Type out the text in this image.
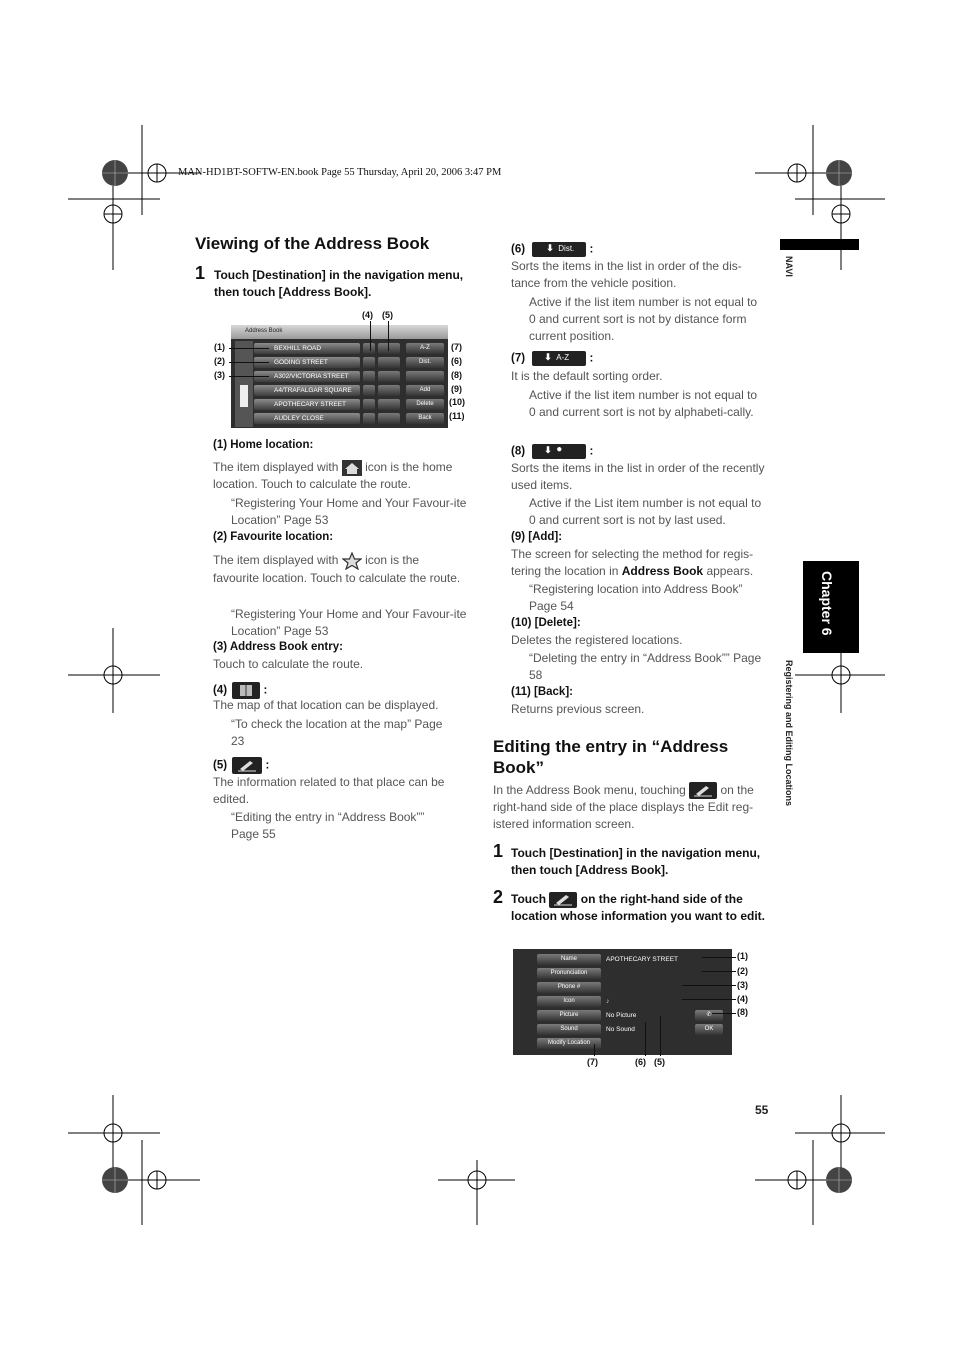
MAN-HD1BT-SOFTW-EN.book Page 55 Thursday, April 20, 2006 3:47 PM
NAVI
Chapter 6
Registering and Editing Locations
Viewing of the Address Book
1 Touch [Destination] in the navigation menu, then touch [Address Book].
Address Book
BEXHILL ROAD
GODING STREET
A302/VICTORIA STREET
A4/TRAFALGAR SQUARE
APOTHECARY STREET
AUDLEY CLOSE
A-Z
Dist.
Add
Delete
Back
(4) (5)
(1)
(2)
(3)
(7)
(6)
(8)
(9)
(10)
(11)
(1) Home location:
The item displayed with icon is the home
location. Touch to calculate the route.
“Registering Your Home and Your Favour-ite Location” Page 53
(2) Favourite location:
The item displayed with icon is the
favourite location. Touch to calculate the route.
“Registering Your Home and Your Favour-ite Location” Page 53
(3) Address Book entry:
Touch to calculate the route.
(4)	:
The map of that location can be displayed.
“To check the location at the map” Page 23
(5)	:
The information related to that place can be edited.
“Editing the entry in “Address Book”” Page 55
(6) ⬇ Dist. :
Sorts the items in the list in order of the dis-tance from the vehicle position.
Active if the list item number is not equal to 0 and current sort is not by distance form current position.
(7) ⬇ A-Z :
It is the default sorting order.
Active if the list item number is not equal to 0 and current sort is not by alphabeti-cally.
(8) ⬇ ● :
Sorts the items in the list in order of the recently used items.
Active if the List item number is not equal to 0 and current sort is not by last used.
(9) [Add]:
The screen for selecting the method for regis-tering the location in Address Book appears.
“Registering location into Address Book” Page 54
(10) [Delete]:
Deletes the registered locations.
“Deleting the entry in “Address Book”” Page 58
(11) [Back]:
Returns previous screen.
Editing the entry in “Address Book”
In the Address Book menu, touching	on the right-hand side of the place displays the Edit reg-istered information screen.
1 Touch [Destination] in the navigation menu, then touch [Address Book].
2 Touch	on the right-hand side of the location whose information you want to edit.
Name
Pronunciation
Phone #
Icon
Picture
Sound
Modify Location
APOTHECARY STREET
♪
No Picture
No Sound
✆
OK
(1)
(2)
(3)
(4)
(8)
(7)	(6) (5)
55
